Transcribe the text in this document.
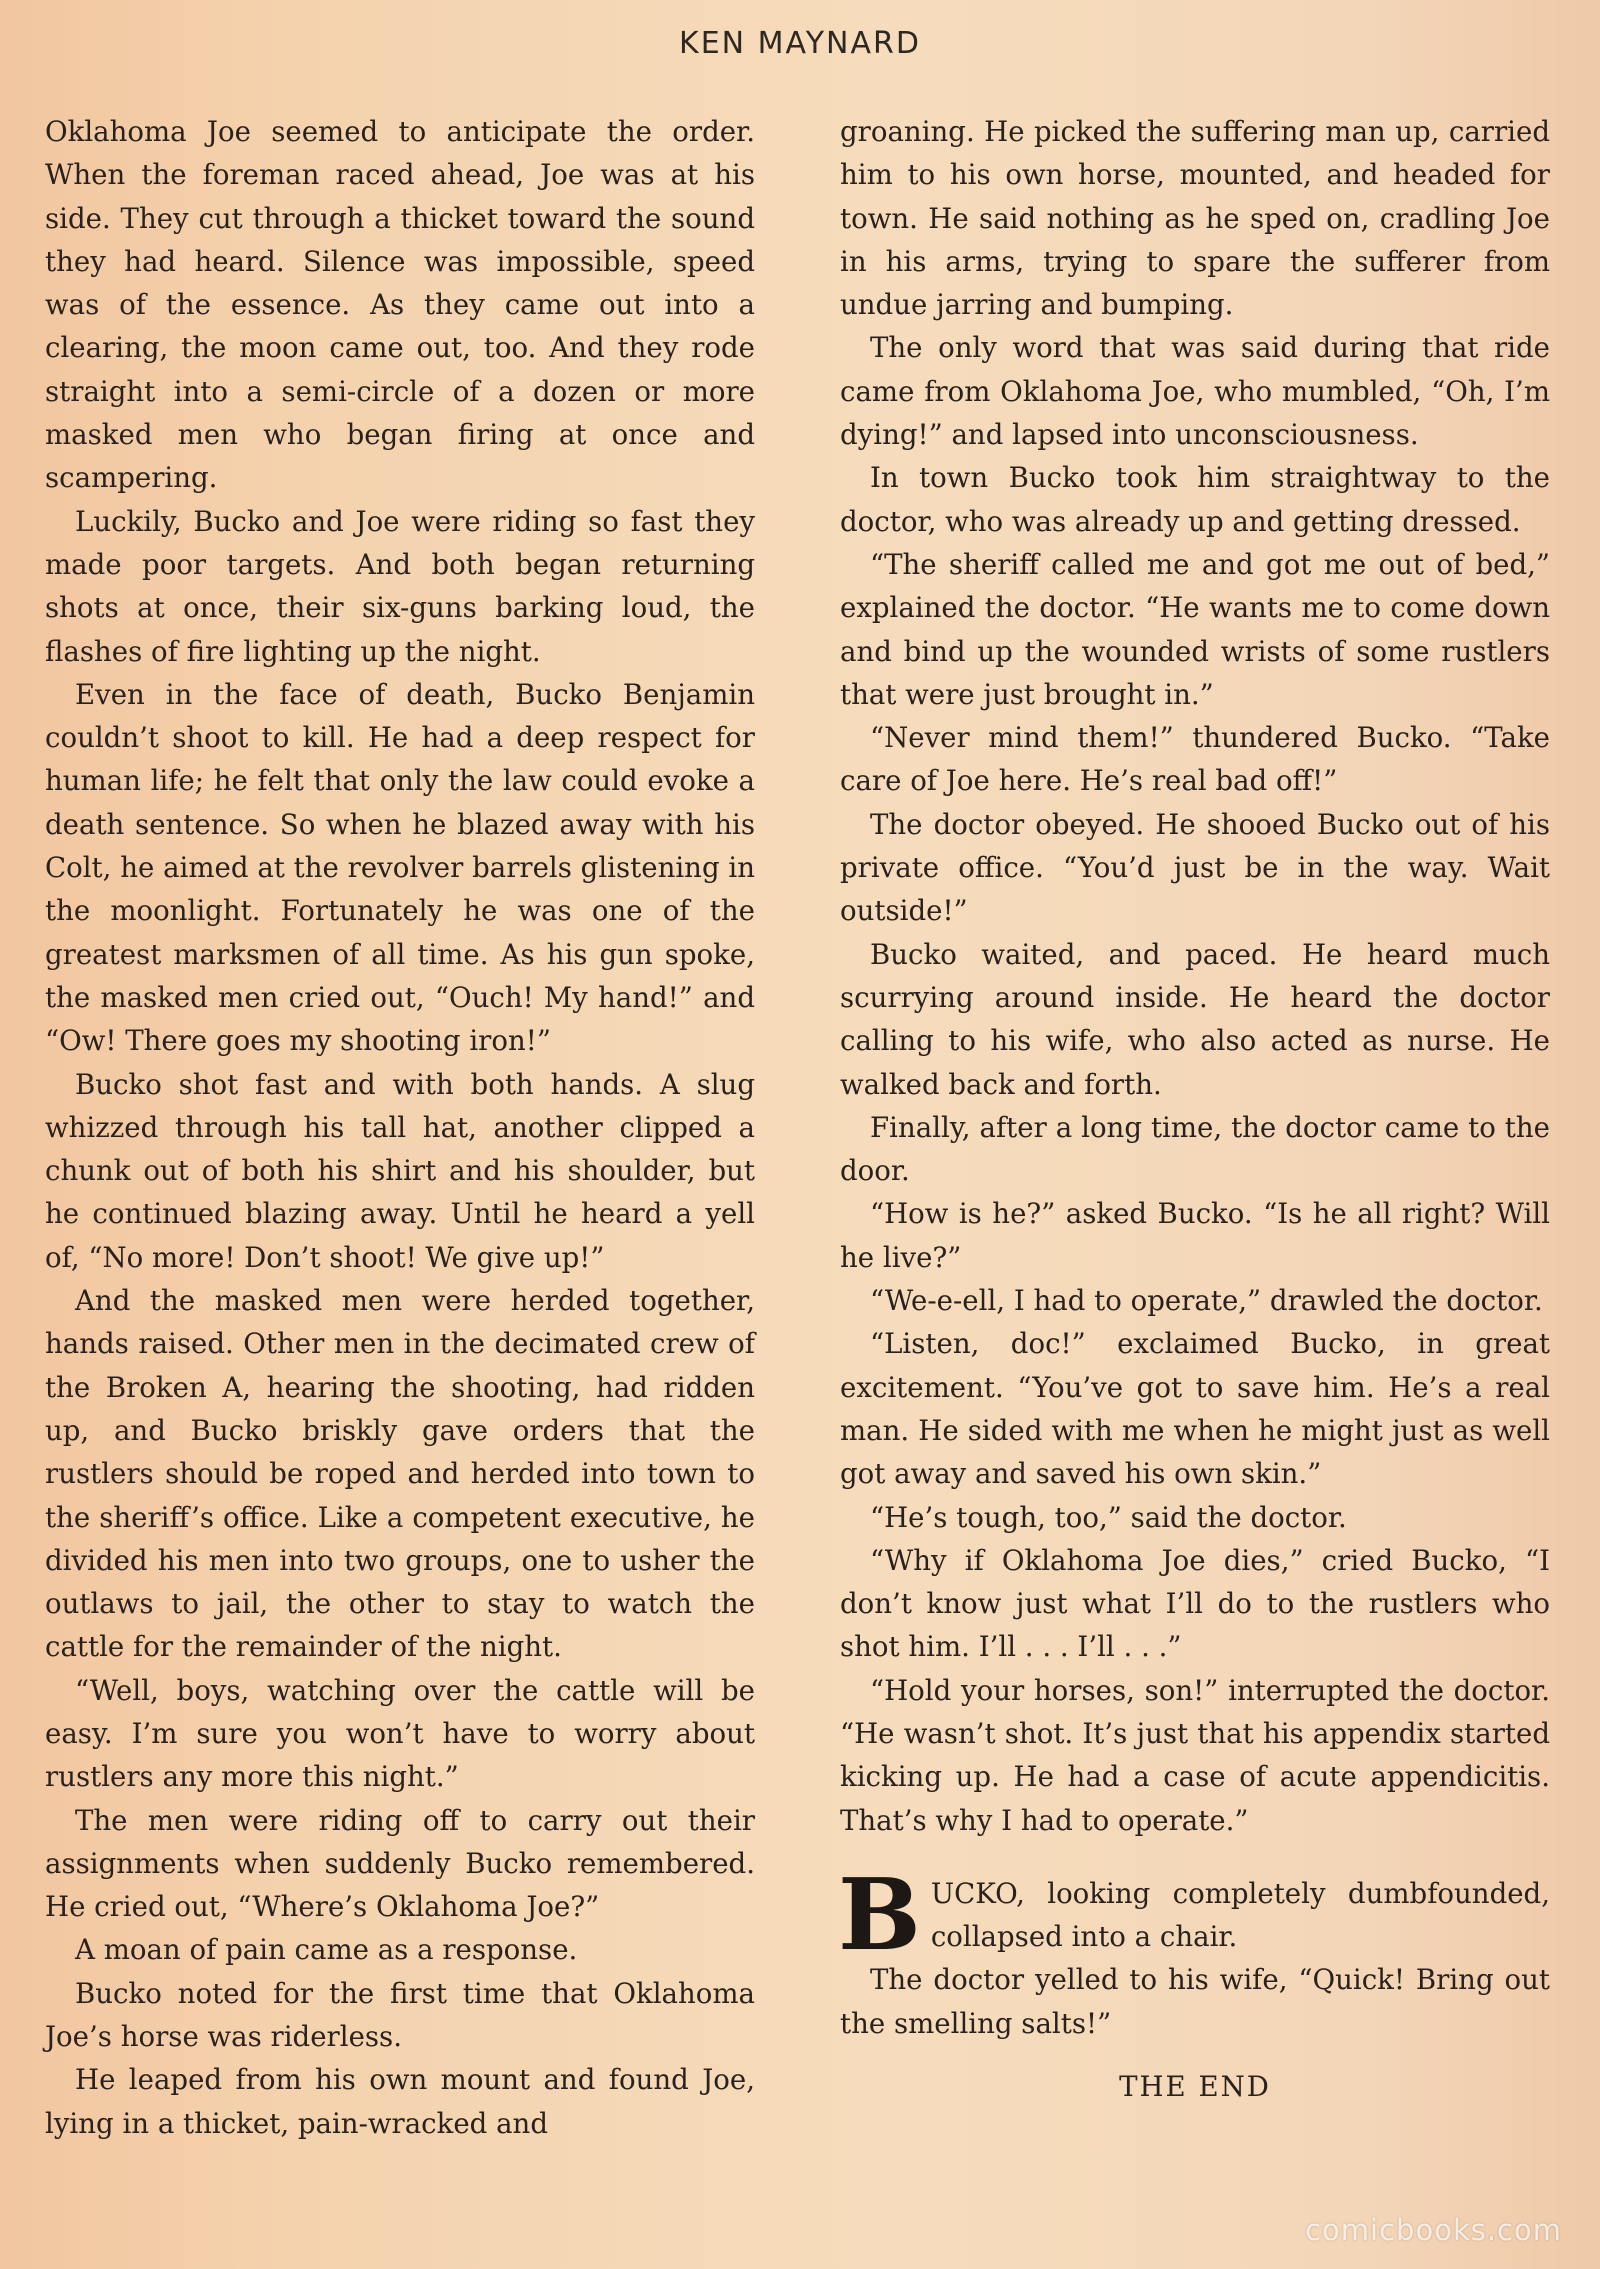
KEN MAYNARD

Oklahoma Joe seemed to anticipate the order. When the foreman raced ahead, Joe was at his side. They cut through a thicket toward the sound they had heard. Silence was impossible, speed was of the essence. As they came out into a clearing, the moon came out, too. And they rode straight into a semi-circle of a dozen or more masked men who began firing at once and scampering.

Luckily, Bucko and Joe were riding so fast they made poor targets. And both began returning shots at once, their six-guns barking loud, the flashes of fire lighting up the night.

Even in the face of death, Bucko Benjamin couldn’t shoot to kill. He had a deep respect for human life; he felt that only the law could evoke a death sentence. So when he blazed away with his Colt, he aimed at the revolver barrels glistening in the moonlight. Fortunately he was one of the greatest marksmen of all time. As his gun spoke, the masked men cried out, “Ouch! My hand!” and “Ow! There goes my shooting iron!”

Bucko shot fast and with both hands. A slug whizzed through his tall hat, another clipped a chunk out of both his shirt and his shoulder, but he continued blazing away. Until he heard a yell of, “No more! Don’t shoot! We give up!”

And the masked men were herded together, hands raised. Other men in the decimated crew of the Broken A, hearing the shooting, had ridden up, and Bucko briskly gave orders that the rustlers should be roped and herded into town to the sheriff’s office. Like a competent executive, he divided his men into two groups, one to usher the outlaws to jail, the other to stay to watch the cattle for the remainder of the night.

“Well, boys, watching over the cattle will be easy. I’m sure you won’t have to worry about rustlers any more this night.”

The men were riding off to carry out their assignments when suddenly Bucko remembered. He cried out, “Where’s Oklahoma Joe?”

A moan of pain came as a response.

Bucko noted for the first time that Oklahoma Joe’s horse was riderless.

He leaped from his own mount and found Joe, lying in a thicket, pain-wracked and

groaning. He picked the suffering man up, carried him to his own horse, mounted, and headed for town. He said nothing as he sped on, cradling Joe in his arms, trying to spare the sufferer from undue jarring and bumping.

The only word that was said during that ride came from Oklahoma Joe, who mumbled, “Oh, I’m dying!” and lapsed into unconsciousness.

In town Bucko took him straightway to the doctor, who was already up and getting dressed.

“The sheriff called me and got me out of bed,” explained the doctor. “He wants me to come down and bind up the wounded wrists of some rustlers that were just brought in.”

“Never mind them!” thundered Bucko. “Take care of Joe here. He’s real bad off!”

The doctor obeyed. He shooed Bucko out of his private office. “You’d just be in the way. Wait outside!”

Bucko waited, and paced. He heard much scurrying around inside. He heard the doctor calling to his wife, who also acted as nurse. He walked back and forth.

Finally, after a long time, the doctor came to the door.

“How is he?” asked Bucko. “Is he all right? Will he live?”

“We-e-ell, I had to operate,” drawled the doctor.

“Listen, doc!” exclaimed Bucko, in great excitement. “You’ve got to save him. He’s a real man. He sided with me when he might just as well got away and saved his own skin.”

“He’s tough, too,” said the doctor.

“Why if Oklahoma Joe dies,” cried Bucko, “I don’t know just what I’ll do to the rustlers who shot him. I’ll . . . I’ll . . .”

“Hold your horses, son!” interrupted the doctor. “He wasn’t shot. It’s just that his appendix started kicking up. He had a case of acute appendicitis. That’s why I had to operate.”

BUCKO, looking completely dumbfounded, collapsed into a chair.

The doctor yelled to his wife, “Quick! Bring out the smelling salts!”

THE END
comicbooks.com
